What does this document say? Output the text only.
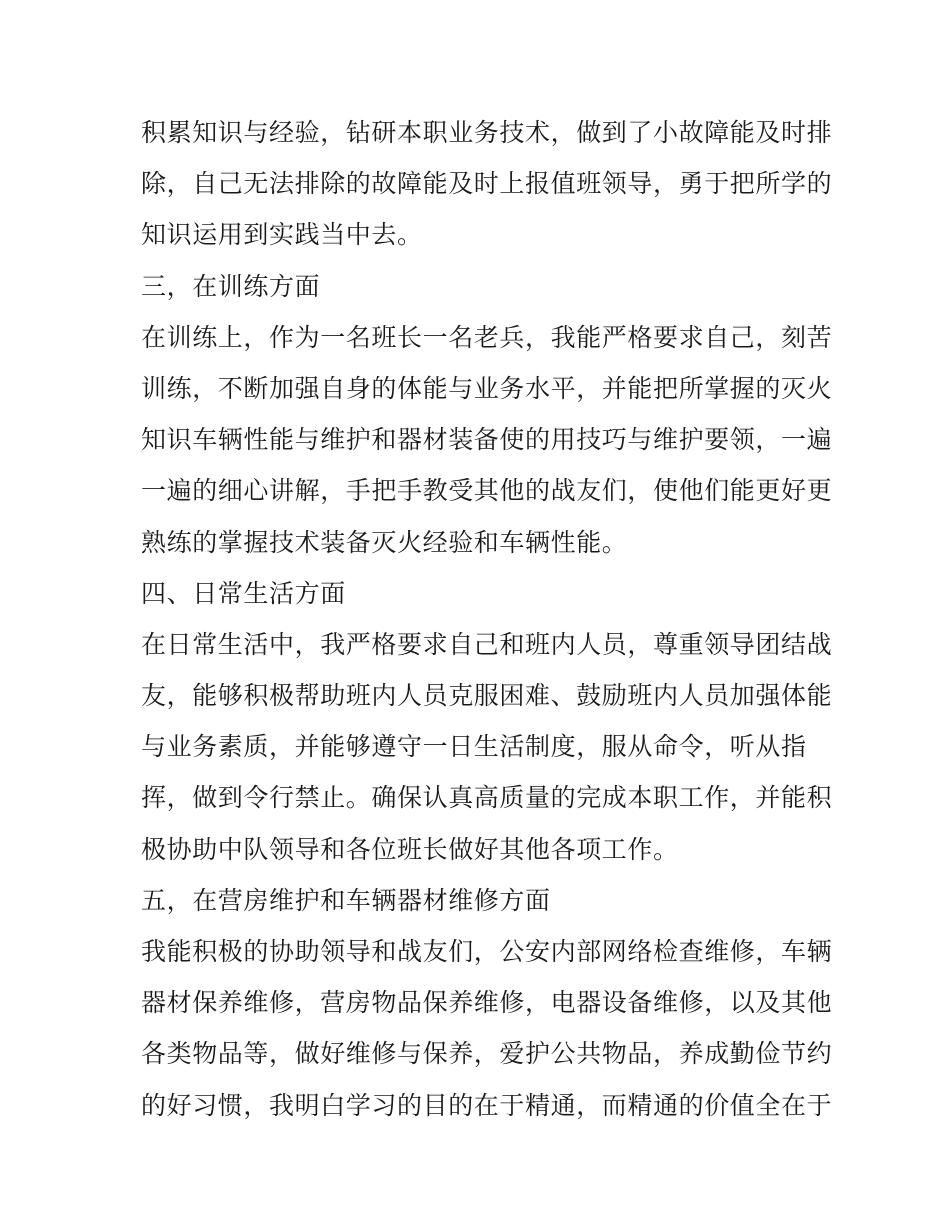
积累知识与经验，钻研本职业务技术，做到了小故障能及时排
除，自己无法排除的故障能及时上报值班领导，勇于把所学的
知识运用到实践当中去。
三，在训练方面
在训练上，作为一名班长一名老兵，我能严格要求自己，刻苦
训练，不断加强自身的体能与业务水平，并能把所掌握的灭火
知识车辆性能与维护和器材装备使的用技巧与维护要领，一遍
一遍的细心讲解，手把手教受其他的战友们，使他们能更好更
熟练的掌握技术装备灭火经验和车辆性能。
四、日常生活方面
在日常生活中，我严格要求自己和班内人员，尊重领导团结战
友，能够积极帮助班内人员克服困难、鼓励班内人员加强体能
与业务素质，并能够遵守一日生活制度，服从命令，听从指
挥，做到令行禁止。确保认真高质量的完成本职工作，并能积
极协助中队领导和各位班长做好其他各项工作。
五，在营房维护和车辆器材维修方面
我能积极的协助领导和战友们，公安内部网络检查维修，车辆
器材保养维修，营房物品保养维修，电器设备维修，以及其他
各类物品等，做好维修与保养，爱护公共物品，养成勤俭节约
的好习惯，我明白学习的目的在于精通，而精通的价值全在于
